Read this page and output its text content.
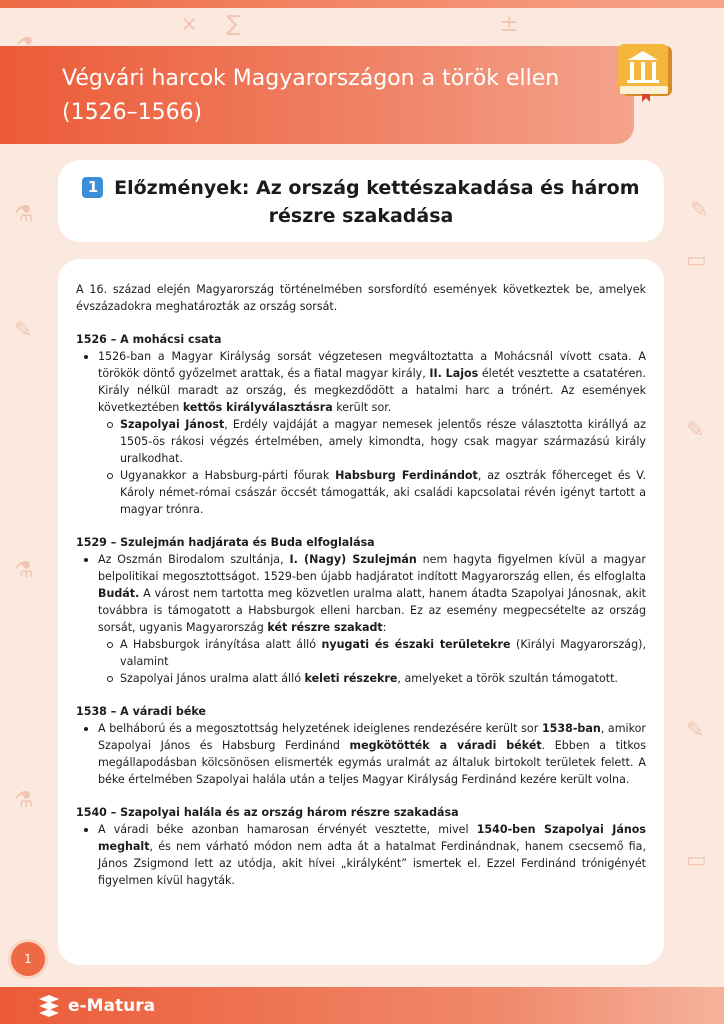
× ∑	±
✎
⚗
✎
▭
✎
⚗
✎
⚗
▭
Végvári harcok Magyarországon a török ellen (1526–1566)
1 Előzmények: Az ország kettészakadása és három részre szakadása

A 16. század elején Magyarország történelmében sorsfordító események következtek be, amelyek évszázadokra meghatározták az ország sorsát.

1526 – A mohácsi csata
1526-ban a Magyar Királyság sorsát végzetesen megváltoztatta a Mohácsnál vívott csata. A törökök döntő győzelmet arattak, és a fiatal magyar király, II. Lajos életét vesztette a csatatéren. Király nélkül maradt az ország, és megkezdődött a hatalmi harc a trónért. Az események következtében kettős királyválasztásra került sor.
Szapolyai Jánost, Erdély vajdáját a magyar nemesek jelentős része választotta királlyá az 1505-ös rákosi végzés értelmében, amely kimondta, hogy csak magyar származású király uralkodhat.
Ugyanakkor a Habsburg-párti főurak Habsburg Ferdinándot, az osztrák főherceget és V. Károly német-római császár öccsét támogatták, aki családi kapcsolatai révén igényt tartott a magyar trónra.
1529 – Szulejmán hadjárata és Buda elfoglalása
Az Oszmán Birodalom szultánja, I. (Nagy) Szulejmán nem hagyta figyelmen kívül a magyar belpolitikai megosztottságot. 1529-ben újabb hadjáratot indított Magyarország ellen, és elfoglalta Budát. A várost nem tartotta meg közvetlen uralma alatt, hanem átadta Szapolyai Jánosnak, akit továbbra is támogatott a Habsburgok elleni harcban. Ez az esemény megpecsételte az ország sorsát, ugyanis Magyarország két részre szakadt:
A Habsburgok irányítása alatt álló nyugati és északi területekre (Királyi Magyarország), valamint
Szapolyai János uralma alatt álló keleti részekre, amelyeket a török szultán támogatott.
1538 – A váradi béke
A belháború és a megosztottság helyzetének ideiglenes rendezésére került sor 1538-ban, amikor Szapolyai János és Habsburg Ferdinánd megkötötték a váradi békét. Ebben a titkos megállapodásban kölcsönösen elismerték egymás uralmát az általuk birtokolt területek felett. A béke értelmében Szapolyai halála után a teljes Magyar Királyság Ferdinánd kezére került volna.
1540 – Szapolyai halála és az ország három részre szakadása
A váradi béke azonban hamarosan érvényét vesztette, mivel 1540-ben Szapolyai János meghalt, és nem várható módon nem adta át a hatalmat Ferdinándnak, hanem csecsemő fia, János Zsigmond lett az utódja, akit hívei „királyként” ismertek el. Ezzel Ferdinánd trónigényét figyelmen kívül hagyták.
1
e-Matura
